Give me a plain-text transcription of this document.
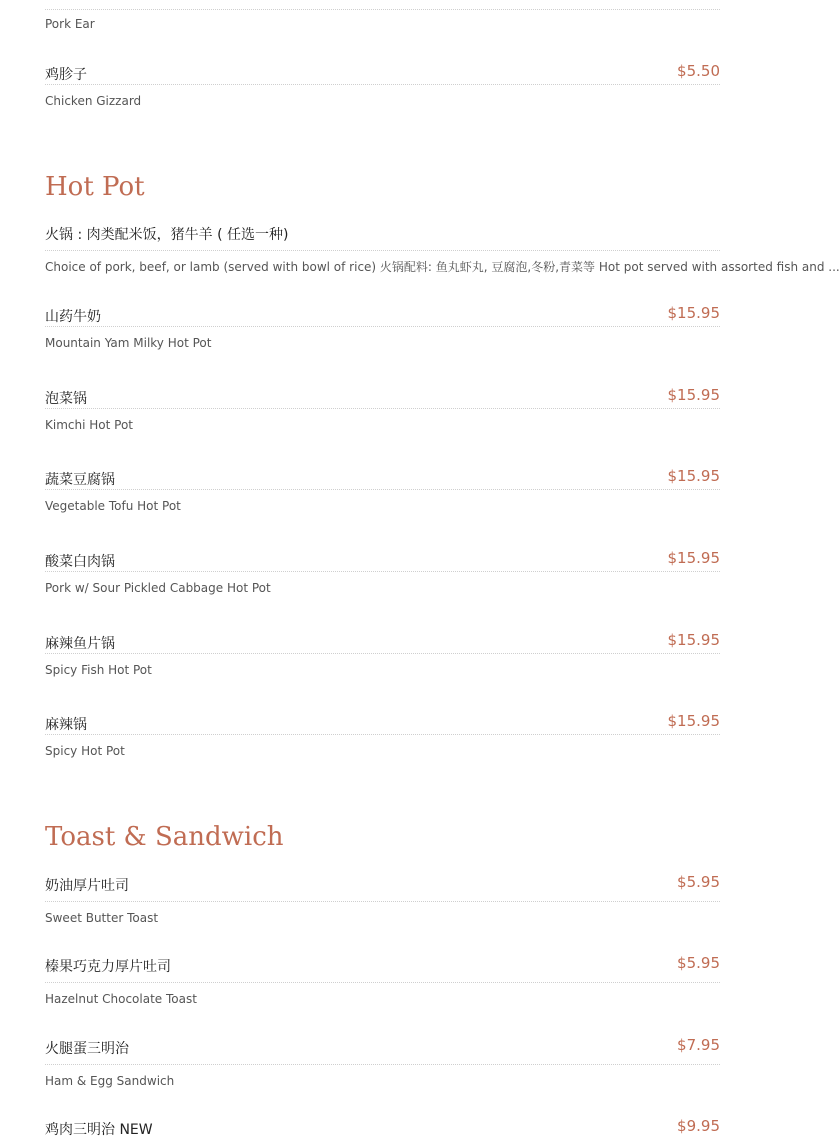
Pork Ear
鸡胗子	$5.50
Chicken Gizzard
Hot Pot
火锅 : 肉类配米饭，猪牛羊 ( 任选一种)
Choice of pork, beef, or lamb (served with bowl of rice) 火锅配料: 鱼丸虾丸, 豆腐泡,冬粉,青菜等 Hot pot served with assorted fish and ...
山药牛奶	$15.95
Mountain Yam Milky Hot Pot
泡菜锅	$15.95
Kimchi Hot Pot
蔬菜豆腐锅	$15.95
Vegetable Tofu Hot Pot
酸菜白肉锅	$15.95
Pork w/ Sour Pickled Cabbage Hot Pot
麻辣鱼片锅	$15.95
Spicy Fish Hot Pot
麻辣锅	$15.95
Spicy Hot Pot
Toast & Sandwich
奶油厚片吐司	$5.95
Sweet Butter Toast
榛果巧克力厚片吐司	$5.95
Hazelnut Chocolate Toast
火腿蛋三明治	$7.95
Ham & Egg Sandwich
鸡肉三明治 NEW	$9.95
